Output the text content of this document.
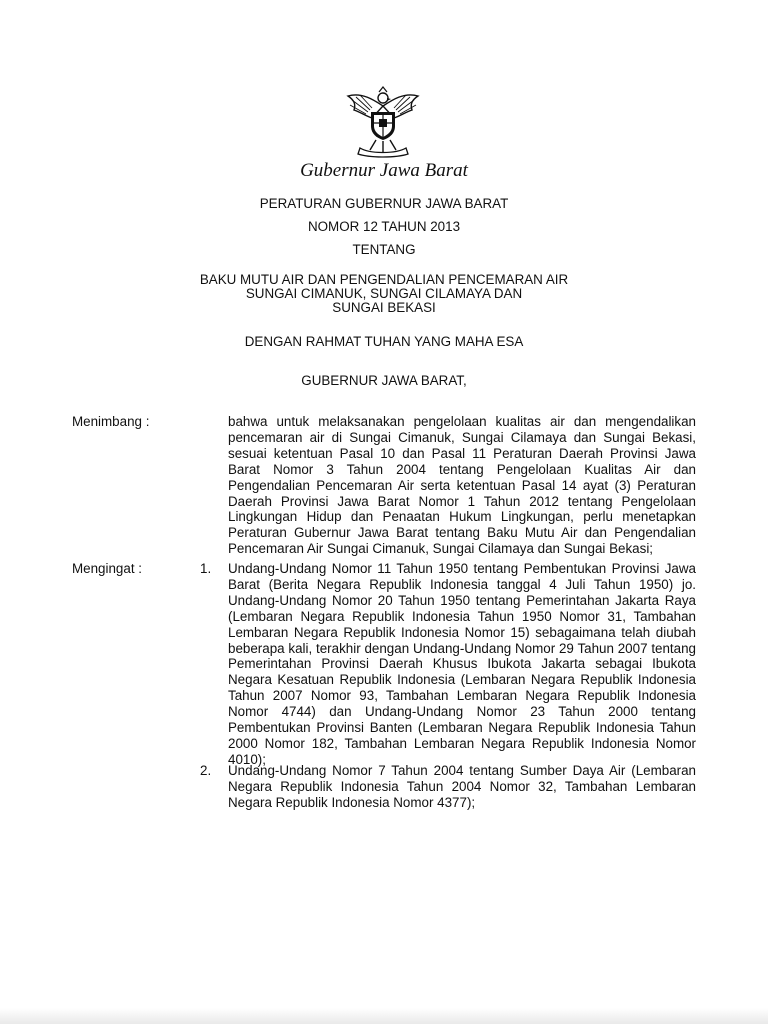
Gubernur Jawa Barat
PERATURAN GUBERNUR JAWA BARAT
NOMOR 12 TAHUN 2013
TENTANG
BAKU MUTU AIR DAN PENGENDALIAN PENCEMARAN AIR
SUNGAI CIMANUK, SUNGAI CILAMAYA DAN
SUNGAI BEKASI
DENGAN RAHMAT TUHAN YANG MAHA ESA
GUBERNUR JAWA BARAT,
Menimbang :	bahwa untuk melaksanakan pengelolaan kualitas air dan mengendalikan pencemaran air di Sungai Cimanuk, Sungai Cilamaya dan Sungai Bekasi, sesuai ketentuan Pasal 10 dan Pasal 11 Peraturan Daerah Provinsi Jawa Barat Nomor 3 Tahun 2004 tentang Pengelolaan Kualitas Air dan Pengendalian Pencemaran Air serta ketentuan Pasal 14 ayat (3) Peraturan Daerah Provinsi Jawa Barat Nomor 1 Tahun 2012 tentang Pengelolaan Lingkungan Hidup dan Penaatan Hukum Lingkungan, perlu menetapkan Peraturan Gubernur Jawa Barat tentang Baku Mutu Air dan Pengendalian Pencemaran Air Sungai Cimanuk, Sungai Cilamaya dan Sungai Bekasi;
Mengingat :	1. Undang-Undang Nomor 11 Tahun 1950 tentang Pembentukan Provinsi Jawa Barat (Berita Negara Republik Indonesia tanggal 4 Juli Tahun 1950) jo. Undang-Undang Nomor 20 Tahun 1950 tentang Pemerintahan Jakarta Raya (Lembaran Negara Republik Indonesia Tahun 1950 Nomor 31, Tambahan Lembaran Negara Republik Indonesia Nomor 15) sebagaimana telah diubah beberapa kali, terakhir dengan Undang-Undang Nomor 29 Tahun 2007 tentang Pemerintahan Provinsi Daerah Khusus Ibukota Jakarta sebagai Ibukota Negara Kesatuan Republik Indonesia (Lembaran Negara Republik Indonesia Tahun 2007 Nomor 93, Tambahan Lembaran Negara Republik Indonesia Nomor 4744) dan Undang-Undang Nomor 23 Tahun 2000 tentang Pembentukan Provinsi Banten (Lembaran Negara Republik Indonesia Tahun 2000 Nomor 182, Tambahan Lembaran Negara Republik Indonesia Nomor 4010);
2. Undang-Undang Nomor 7 Tahun 2004 tentang Sumber Daya Air (Lembaran Negara Republik Indonesia Tahun 2004 Nomor 32, Tambahan Lembaran Negara Republik Indonesia Nomor 4377);
